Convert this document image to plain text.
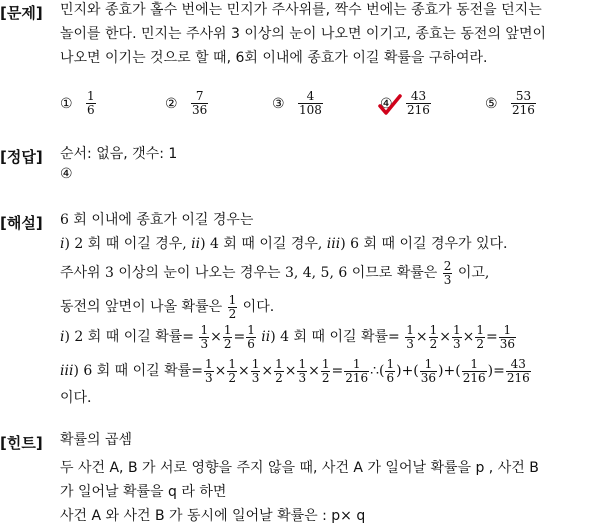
[문제] 민지와 종효가 홀수 번에는 민지가 주사위를, 짝수 번에는 종효가 동전을 던지는
놀이를 한다. 민지는 주사위 3 이상의 눈이 나오면 이기고, 종효는 동전의 앞면이
나오면 이기는 것으로 할 때, 6회 이내에 종효가 이길 확률을 구하여라.
① $\frac{1}{6}$	② $\frac{7}{36}$	③ $\frac{4}{108}$	④ $\frac{43}{216}$	⑤ $\frac{53}{216}$
[정답] 순서: 없음, 갯수: 1
④
[해설] 6 회 이내에 종효가 이길 경우는
i) 2 회 때 이길 경우, ii) 4 회 때 이길 경우, iii) 6 회 때 이길 경우가 있다.
주사위 3 이상의 눈이 나오는 경우는 3, 4, 5, 6 이므로 확률은 $\frac{2}{3}$ 이고,
동전의 앞면이 나올 확률은 $\frac{1}{2}$ 이다.
i) 2 회 때 이길 확률= $\frac{1}{3} \times \frac{1}{2} = \frac{1}{6} ii$) 4 회 때 이길 확률= $\frac{1}{3} \times \frac{1}{2} \times \frac{1}{3} \times \frac{1}{2} = \frac{1}{36}$
iii) 6 회 때 이길 확률= $\frac{1}{3} \times \frac{1}{2} \times \frac{1}{3} \times \frac{1}{2} \times \frac{1}{3} \times \frac{1}{2} = \frac{1}{216}$ ∴( $\frac{1}{6}$ )+( $\frac{1}{36}$ )+( $\frac{1}{216}$ )= $\frac{43}{216}$
이다.
[힌트] 확률의 곱셈
두 사건 A, B 가 서로 영향을 주지 않을 때, 사건 A 가 일어날 확률을 p , 사건 B
가 일어날 확률을 q 라 하면
사건 A 와 사건 B 가 동시에 일어날 확률은 : p× q
